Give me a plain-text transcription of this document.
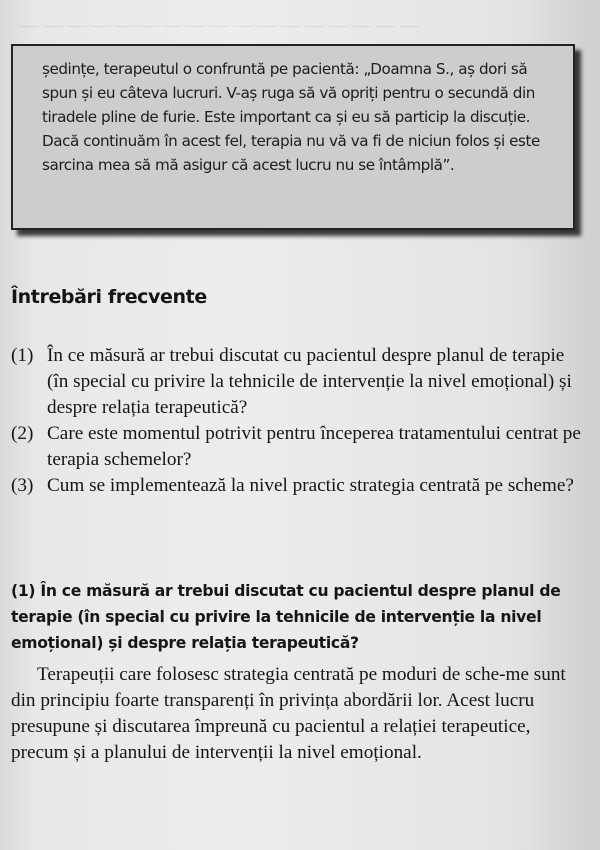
— — — — — — — — — — — — — — — — —

ședințe, terapeutul o confruntă pe pacientă: „Doamna S., aș dori să spun și eu câteva lucruri. V-aș ruga să vă opriți pentru o secundă din tiradele pline de furie. Este important ca și eu să particip la discuție. Dacă continuăm în acest fel, terapia nu vă va fi de niciun folos și este sarcina mea să mă asigur că acest lucru nu se întâmplă”.

Întrebări frecvente
(1) În ce măsură ar trebui discutat cu pacientul despre planul de terapie (în special cu privire la tehnicile de intervenție la nivel emoțional) și despre relația terapeutică?
(2) Care este momentul potrivit pentru începerea tratamentului centrat pe terapia schemelor?
(3) Cum se implementează la nivel practic strategia centrată pe scheme?
(1) În ce măsură ar trebui discutat cu pacientul despre planul de terapie (în special cu privire la tehnicile de intervenție la nivel emoțional) și despre relația terapeutică?

Terapeuții care folosesc strategia centrată pe moduri de sche-me sunt din principiu foarte transparenți în privința abordării lor. Acest lucru presupune și discutarea împreună cu pacientul a relației terapeutice, precum și a planului de intervenții la nivel emoțional.
